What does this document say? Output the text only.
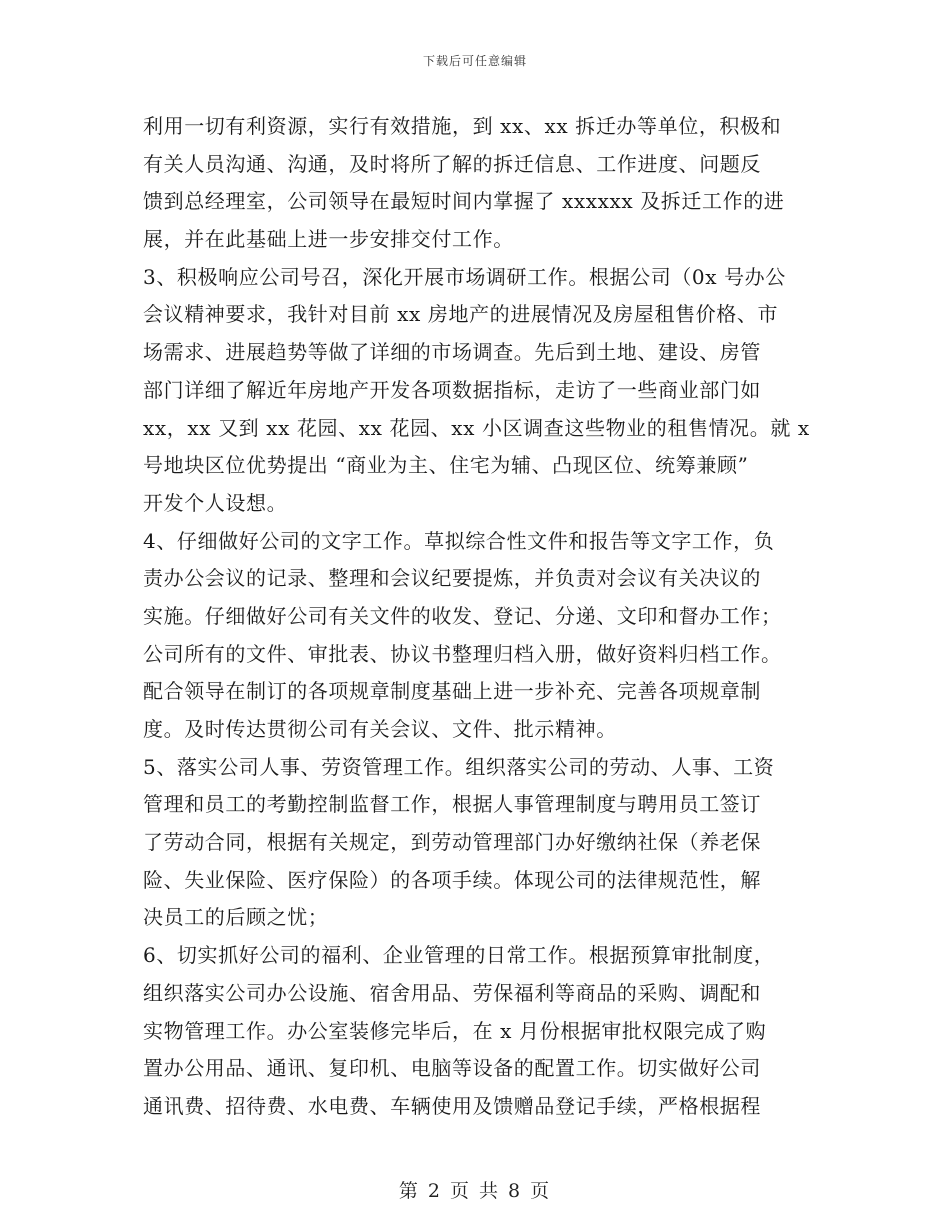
下载后可任意编辑
利用一切有利资源，实行有效措施，到 xx、xx 拆迁办等单位，积极和
有关人员沟通、沟通，及时将所了解的拆迁信息、工作进度、问题反
馈到总经理室，公司领导在最短时间内掌握了 xxxxxx 及拆迁工作的进
展，并在此基础上进一步安排交付工作。
3、积极响应公司号召，深化开展市场调研工作。根据公司（0x 号办公
会议精神要求，我针对目前 xx 房地产的进展情况及房屋租售价格、市
场需求、进展趋势等做了详细的市场调查。先后到土地、建设、房管
部门详细了解近年房地产开发各项数据指标，走访了一些商业部门如
xx，xx 又到 xx 花园、xx 花园、xx 小区调查这些物业的租售情况。就 x
号地块区位优势提出 “商业为主、住宅为辅、凸现区位、统筹兼顾”
开发个人设想。
4、仔细做好公司的文字工作。草拟综合性文件和报告等文字工作，负
责办公会议的记录、整理和会议纪要提炼，并负责对会议有关决议的
实施。仔细做好公司有关文件的收发、登记、分递、文印和督办工作；
公司所有的文件、审批表、协议书整理归档入册，做好资料归档工作。
配合领导在制订的各项规章制度基础上进一步补充、完善各项规章制
度。及时传达贯彻公司有关会议、文件、批示精神。
5、落实公司人事、劳资管理工作。组织落实公司的劳动、人事、工资
管理和员工的考勤控制监督工作，根据人事管理制度与聘用员工签订
了劳动合同，根据有关规定，到劳动管理部门办好缴纳社保（养老保
险、失业保险、医疗保险）的各项手续。体现公司的法律规范性，解
决员工的后顾之忧；
6、切实抓好公司的福利、企业管理的日常工作。根据预算审批制度，
组织落实公司办公设施、宿舍用品、劳保福利等商品的采购、调配和
实物管理工作。办公室装修完毕后，在 x 月份根据审批权限完成了购
置办公用品、通讯、复印机、电脑等设备的配置工作。切实做好公司
通讯费、招待费、水电费、车辆使用及馈赠品登记手续，严格根据程
第 2 页 共 8 页
